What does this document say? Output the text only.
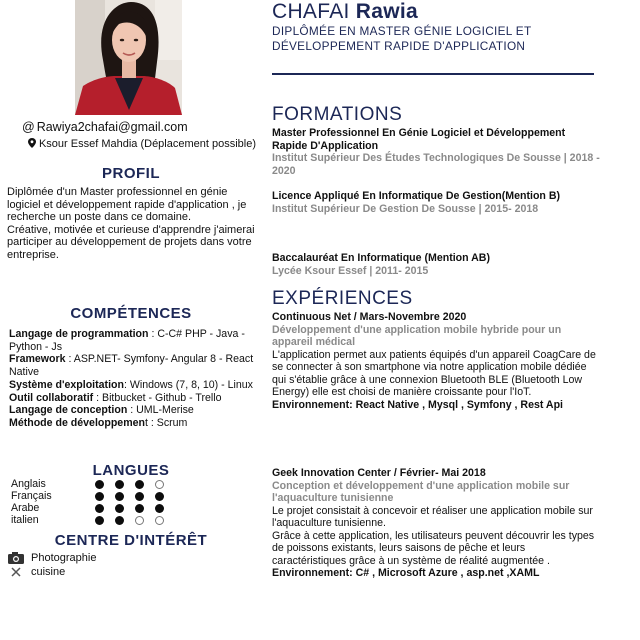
@ Rawiya2chafai@gmail.com
Ksour Essef Mahdia (Déplacement possible)
PROFIL
Diplômée d'un Master professionnel en génie logiciel et développement rapide d'application , je recherche un poste dans ce domaine.
Créative, motivée et curieuse d'apprendre j'aimerai participer au développement de projets dans votre entreprise.
COMPÉTENCES
Langage de programmation : C-C# PHP - Java - Python - Js
Framework : ASP.NET- Symfony- Angular 8 - React Native
Système d'exploitation: Windows (7, 8, 10) - Linux
Outil collaboratif : Bitbucket - Github - Trello
Langage de conception : UML-Merise
Méthode de développement : Scrum
LANGUES
Anglais
Français
Arabe
italien
CENTRE D'INTÉRÊT
Photographie
cuisine
CHAFAI Rawia
DIPLÔMÉE EN MASTER GÉNIE LOGICIEL ET DÉVELOPPEMENT RAPIDE D'APPLICATION
FORMATIONS
Master Professionnel En Génie Logiciel et Développement Rapide D'Application
Institut Supérieur Des Études Technologiques De Sousse | 2018 - 2020
Licence Appliqué En Informatique De Gestion(Mention B)
Institut Supérieur De Gestion De Sousse | 2015- 2018
Baccalauréat En Informatique (Mention AB)
Lycée Ksour Essef | 2011- 2015
EXPÉRIENCES
Continuous Net / Mars-Novembre 2020
Développement d'une application mobile hybride pour un appareil médical
L'application permet aux patients équipés d'un appareil CoagCare de se connecter à son smartphone via notre application mobile dédiée qui s'établie grâce à une connexion Bluetooth BLE (Bluetooth Low Energy) elle est choisi de manière croissante pour l'IoT.
Environnement: React Native , Mysql , Symfony , Rest Api
Geek Innovation Center / Février- Mai 2018
Conception et développement d'une application mobile sur l'aquaculture tunisienne
Le projet consistait à concevoir et réaliser une application mobile sur l'aquaculture tunisienne.
Grâce à cette application, les utilisateurs peuvent découvrir les types de poissons existants, leurs saisons de pêche et leurs caractéristiques grâce à un système de réalité augmentée .
Environnement: C# , Microsoft Azure , asp.net ,XAML
